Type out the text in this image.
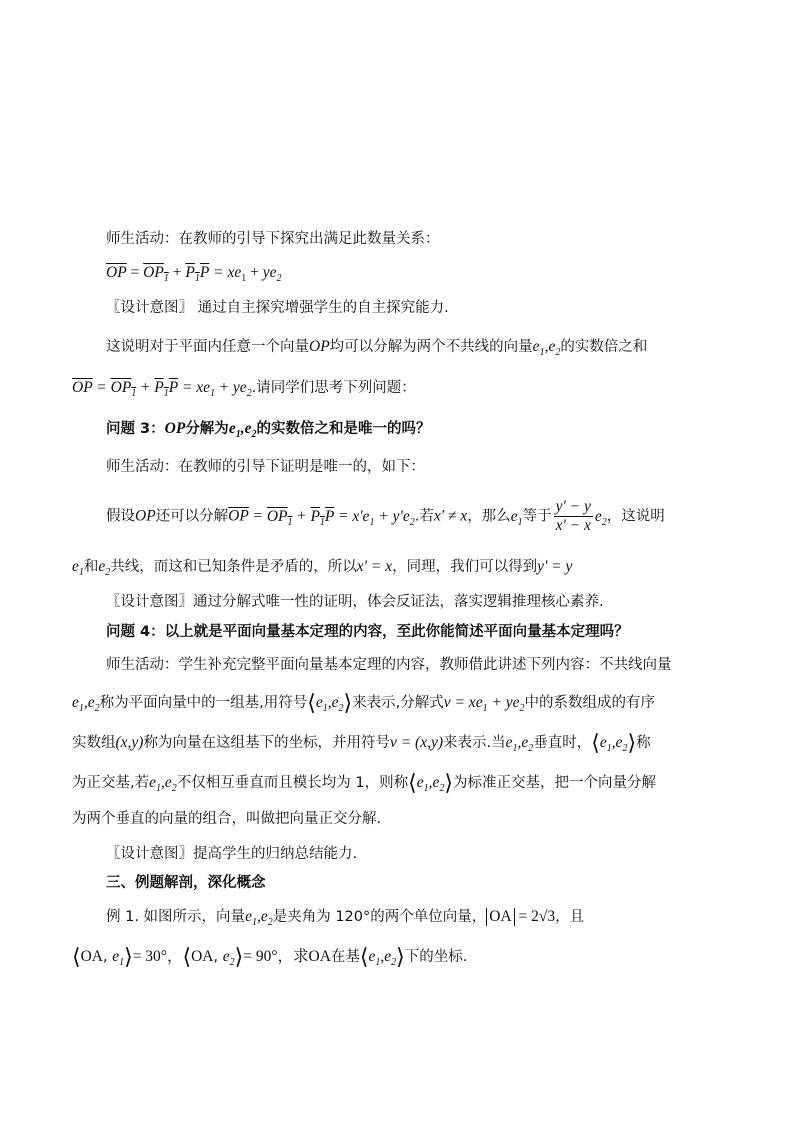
师生活动：在教师的引导下探究出满足此数量关系：
$\overline{OP} = OP_1 + P_1P = xe_1 + ye_2$
〖设计意图〗 通过自主探究增强学生的自主探究能力.
这说明对于平面内任意一个向量OP均可以分解为两个不共线的向量$e_1,e_2$的实数倍之和
$\overline{OP} = OP_1 + P_1P = xe_1 + ye_2$.请同学们思考下列问题：
问题 3：OP分解为$e_1,e_2$的实数倍之和是唯一的吗？
师生活动：在教师的引导下证明是唯一的，如下：
假设OP还可以分解$\overline{OP} = OP_1 + P_1P = x'e_1 + y'e_2$.若x' ≠ x，那么$e_1$等于 $\frac{y' - y}{x' - x} e_2$，这说明
$e_1$和$e_2$共线，而这和已知条件是矛盾的，所以x' = x，同理，我们可以得到y' = y
〖设计意图〗通过分解式唯一性的证明，体会反证法，落实逻辑推理核心素养.
问题 4：以上就是平面向量基本定理的内容，至此你能简述平面向量基本定理吗？
师生活动：学生补充完整平面向量基本定理的内容，教师借此讲述下列内容：不共线向量
$e_1,e_2$称为平面向量中的一组基,用符号$⟨e_1,e_2⟩$来表示,分解式$v = xe_1 + ye_2$中的系数组成的有序
实数组(x,y)称为向量在这组基下的坐标，并用符号v = (x,y)来表示.当$e_1,e_2$垂直时，$⟨e_1,e_2⟩$称
为正交基,若$e_1,e_2$不仅相互垂直而且模长均为 1，则称$⟨e_1,e_2⟩$为标准正交基，把一个向量分解
为两个垂直的向量的组合，叫做把向量正交分解.
〖设计意图〗提高学生的归纳总结能力.
三、例题解剖，深化概念
例 1. 如图所示，向量$e_1,e_2$是夹角为 120°的两个单位向量， OA = 2√3，且
⟨OA, $e_1⟩= 30^\circ$，⟨OA, $e_2⟩= 90^\circ$，求OA在基$⟨e_1,e_2⟩$下的坐标.
